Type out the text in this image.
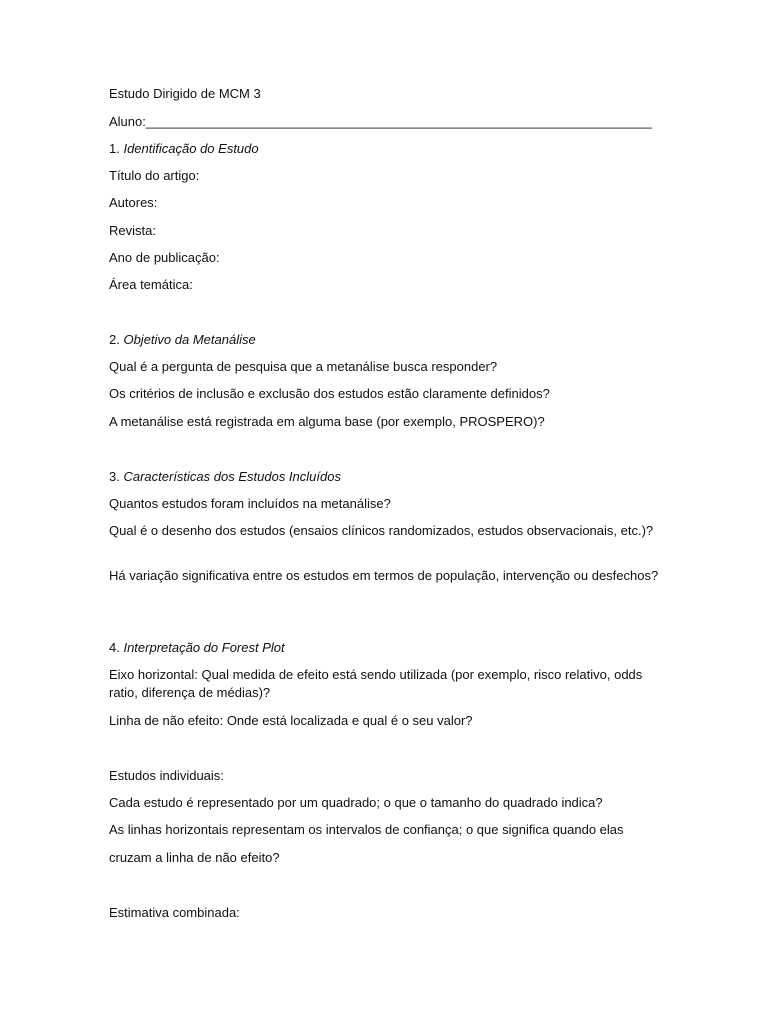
Estudo Dirigido de MCM 3
Aluno:______________________________________________________________________
1. Identificação do Estudo
Título do artigo:
Autores:
Revista:
Ano de publicação:
Área temática:
2. Objetivo da Metanálise
Qual é a pergunta de pesquisa que a metanálise busca responder?
Os critérios de inclusão e exclusão dos estudos estão claramente definidos?
A metanálise está registrada em alguma base (por exemplo, PROSPERO)?
3. Características dos Estudos Incluídos
Quantos estudos foram incluídos na metanálise?
Qual é o desenho dos estudos (ensaios clínicos randomizados, estudos observacionais, etc.)?
Há variação significativa entre os estudos em termos de população, intervenção ou desfechos?
4. Interpretação do Forest Plot
Eixo horizontal: Qual medida de efeito está sendo utilizada (por exemplo, risco relativo, odds ratio, diferença de médias)?
Linha de não efeito: Onde está localizada e qual é o seu valor?
Estudos individuais:
Cada estudo é representado por um quadrado; o que o tamanho do quadrado indica?
As linhas horizontais representam os intervalos de confiança; o que significa quando elas
cruzam a linha de não efeito?
Estimativa combinada:
